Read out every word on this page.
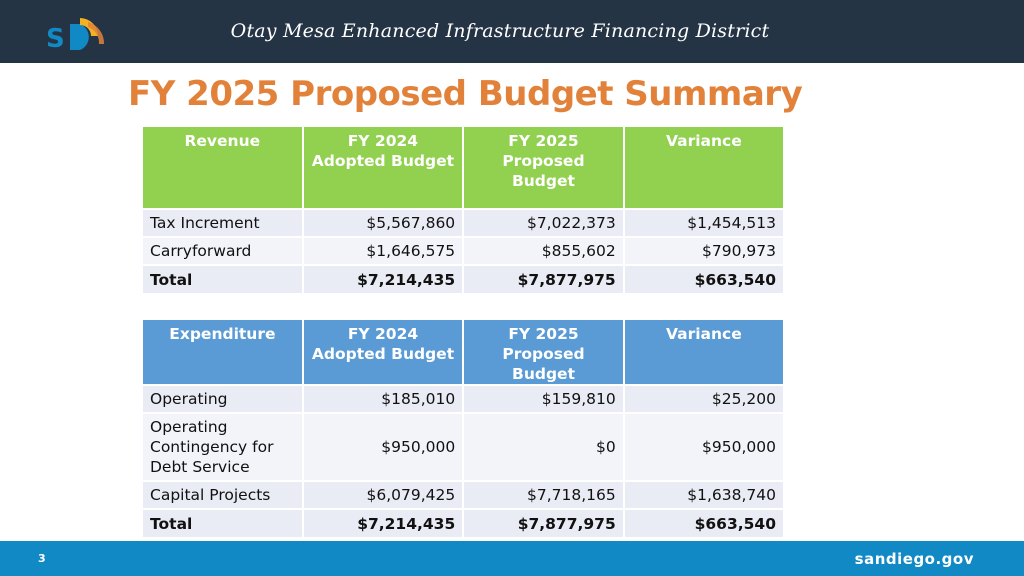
S	Otay Mesa Enhanced Infrastructure Financing District
FY 2025 Proposed Budget Summary
Revenue	FY 2024 Adopted Budget	FY 2025 Proposed Budget	Variance
Tax Increment	$5,567,860	$7,022,373	$1,454,513
Carryforward	$1,646,575	$855,602	$790,973
Total	$7,214,435	$7,877,975	$663,540
Expenditure	FY 2024 Adopted Budget	FY 2025 Proposed Budget	Variance
Operating	$185,010	$159,810	$25,200
Operating Contingency for Debt Service	$950,000	$0	$950,000
Capital Projects	$6,079,425	$7,718,165	$1,638,740
Total	$7,214,435	$7,877,975	$663,540
3	sandiego.gov
